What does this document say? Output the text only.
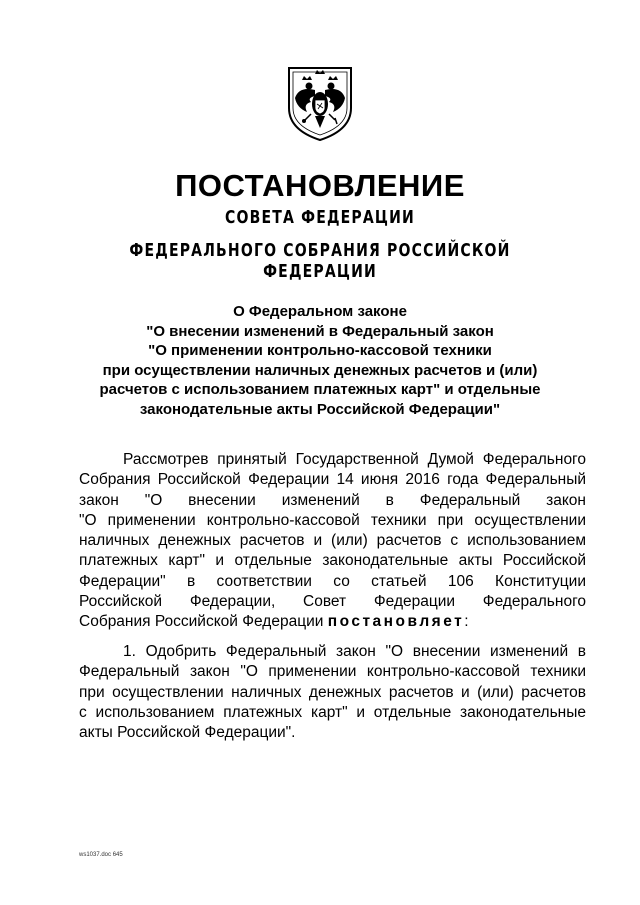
ПОСТАНОВЛЕНИЕ
СОВЕТА ФЕДЕРАЦИИ
ФЕДЕРАЛЬНОГО СОБРАНИЯ РОССИЙСКОЙ ФЕДЕРАЦИИ
О Федеральном законе
"О внесении изменений в Федеральный закон
"О применении контрольно-кассовой техники
при осуществлении наличных денежных расчетов и (или)
расчетов с использованием платежных карт" и отдельные
законодательные акты Российской Федерации"
Рассмотрев принятый Государственной Думой Федерального
Собрания Российской Федерации 14 июня 2016 года Федеральный
закон "О внесении изменений в Федеральный закон
"О применении контрольно-кассовой техники при осуществлении
наличных денежных расчетов и (или) расчетов с использованием
платежных карт" и отдельные законодательные акты Российской
Федерации" в соответствии со статьей 106 Конституции
Российской Федерации, Совет Федерации Федерального
Собрания Российской Федерации постановляет:
1. Одобрить Федеральный закон "О внесении изменений в
Федеральный закон "О применении контрольно-кассовой техники
при осуществлении наличных денежных расчетов и (или) расчетов
с использованием платежных карт" и отдельные законодательные
акты Российской Федерации".
ws1037.doc 645
